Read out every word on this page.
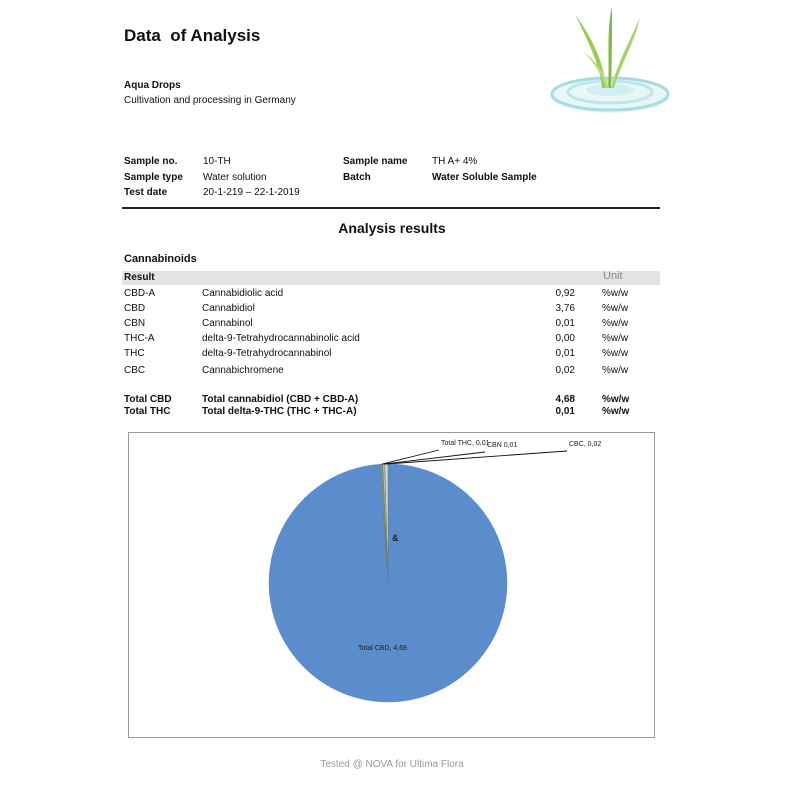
Data  of Analysis
Aqua Drops
Cultivation and processing in Germany
Sample no.	10-TH
Sample type Water solution
Test date	20-1-219 – 22-1-2019
Sample name TH A+ 4%
Batch	Water Soluble Sample
Analysis results
Cannabinoids
Result	Unit
CBD-A	Cannabidiolic acid	0,92	%w/w
CBD	Cannabidiol	3,76	%w/w
CBN	Cannabinol	0,01	%w/w
THC-A	delta-9-Tetrahydrocannabinolic acid	0,00	%w/w
THC	delta-9-Tetrahydrocannabinol	0,01	%w/w
CBC	Cannabichromene	0,02	%w/w
Total CBD	Total cannabidiol (CBD + CBD-A)	4,68	%w/w
Total THC	Total delta-9-THC (THC + THC-A)	0,01	%w/w
Total CBD, 4,68
Total THC, 0,01
CBN 0,01	CBC, 0,02
&
Tested @ NOVA for Ultima Flora
